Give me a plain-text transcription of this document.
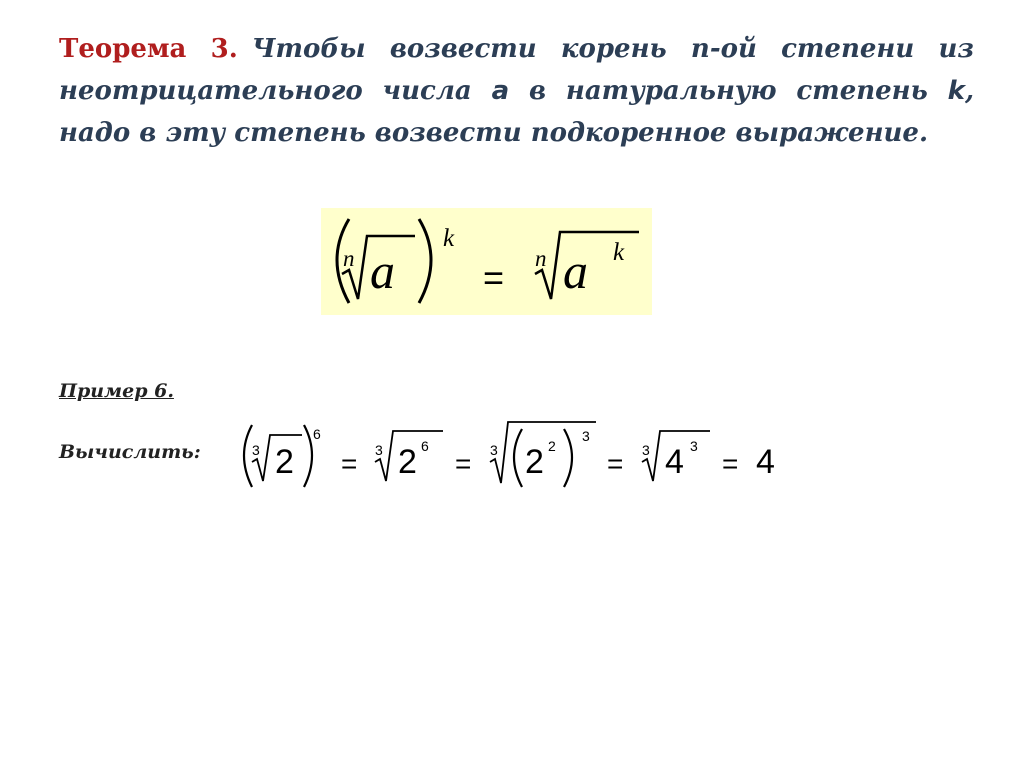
Теорема 3. Чтобы возвести корень n-ой степени из неотрицательного числа a в натуральную степень k, надо в эту степень возвести подкоренное выражение.
n a
k
= n a k
Пример 6.
Вычислить:	3 2
6
= 3 2 6
= 3 2 2
3
= 3 4 3
= 4
